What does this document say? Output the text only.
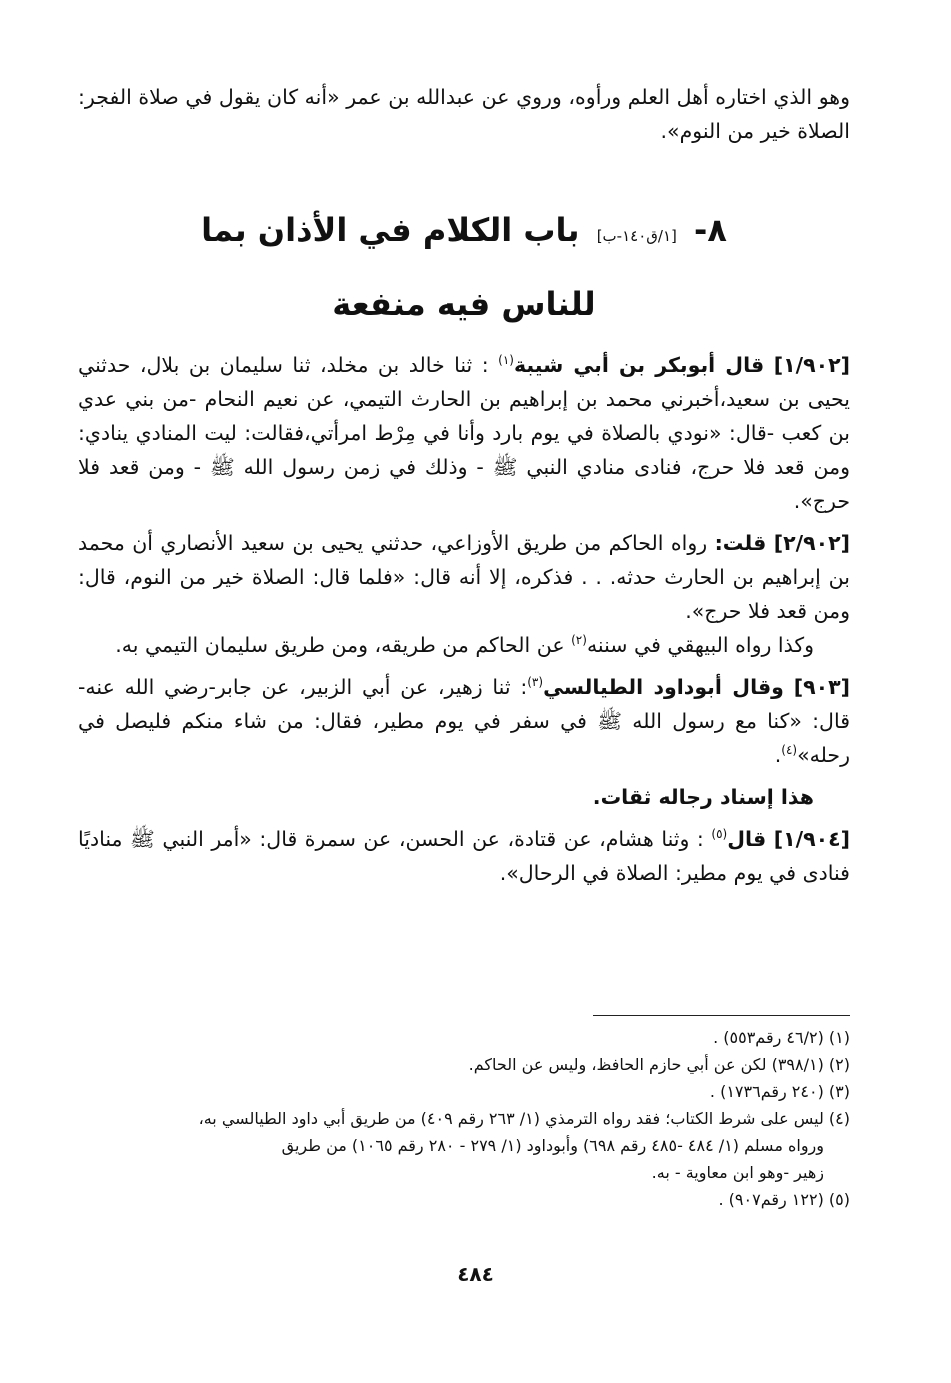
وهو الذي اختاره أهل العلم ورأوه، وروي عن عبدالله بن عمر «أنه كان يقول في صلاة الفجر: الصلاة خير من النوم».

٨- [١/ق١٤٠-ب] باب الكلام في الأذان بما
للناس فيه منفعة

[١/٩٠٢] قال أبوبكر بن أبي شيبة$^{(١)}$ : ثنا خالد بن مخلد، ثنا سليمان بن بلال، حدثني يحيى بن سعيد،أخبرني محمد بن إبراهيم بن الحارث التيمي، عن نعيم النحام -من بني عدي بن كعب -قال: «نودي بالصلاة في يوم بارد وأنا في مِرْط امرأتي،فقالت: ليت المنادي ينادي: ومن قعد فلا حرج، فنادى منادي النبي ﷺ - وذلك في زمن رسول الله ﷺ - ومن قعد فلا حرج».

[٢/٩٠٢] قلت: رواه الحاكم من طريق الأوزاعي، حدثني يحيى بن سعيد الأنصاري أن محمد بن إبراهيم بن الحارث حدثه. . . فذكره، إلا أنه قال: «فلما قال: الصلاة خير من النوم، قال: ومن قعد فلا حرج».

وكذا رواه البيهقي في سننه$^{(٢)}$ عن الحاكم من طريقه، ومن طريق سليمان التيمي به.

[٩٠٣] وقال أبوداود الطيالسي$^{(٣)}$: ثنا زهير، عن أبي الزبير، عن جابر-رضي الله عنه- قال: «كنا مع رسول الله ﷺ في سفر في يوم مطير، فقال: من شاء منكم فليصل في رحله»$^{(٤)}$.

هذا إسناد رجاله ثقات.

[١/٩٠٤] قال$^{(٥)}$ : وثنا هشام، عن قتادة، عن الحسن، عن سمرة قال: «أمر النبي ﷺ مناديًا فنادى في يوم مطير: الصلاة في الرحال».

(١) (٤٦/٢ رقم٥٥٣) .

(٢) (٣٩٨/١) لكن عن أبي حازم الحافظ، وليس عن الحاكم.

(٣) (٢٤٠ رقم١٧٣٦) .

(٤) ليس على شرط الكتاب؛ فقد رواه الترمذي (١/ ٢٦٣ رقم ٤٠٩) من طريق أبي داود الطيالسي به،

ورواه مسلم (١/ ٤٨٤ -٤٨٥ رقم ٦٩٨) وأبوداود (١/ ٢٧٩ - ٢٨٠ رقم ١٠٦٥) من طريق

زهير -وهو ابن معاوية - به.

(٥) (١٢٢ رقم٩٠٧) .

٤٨٤
